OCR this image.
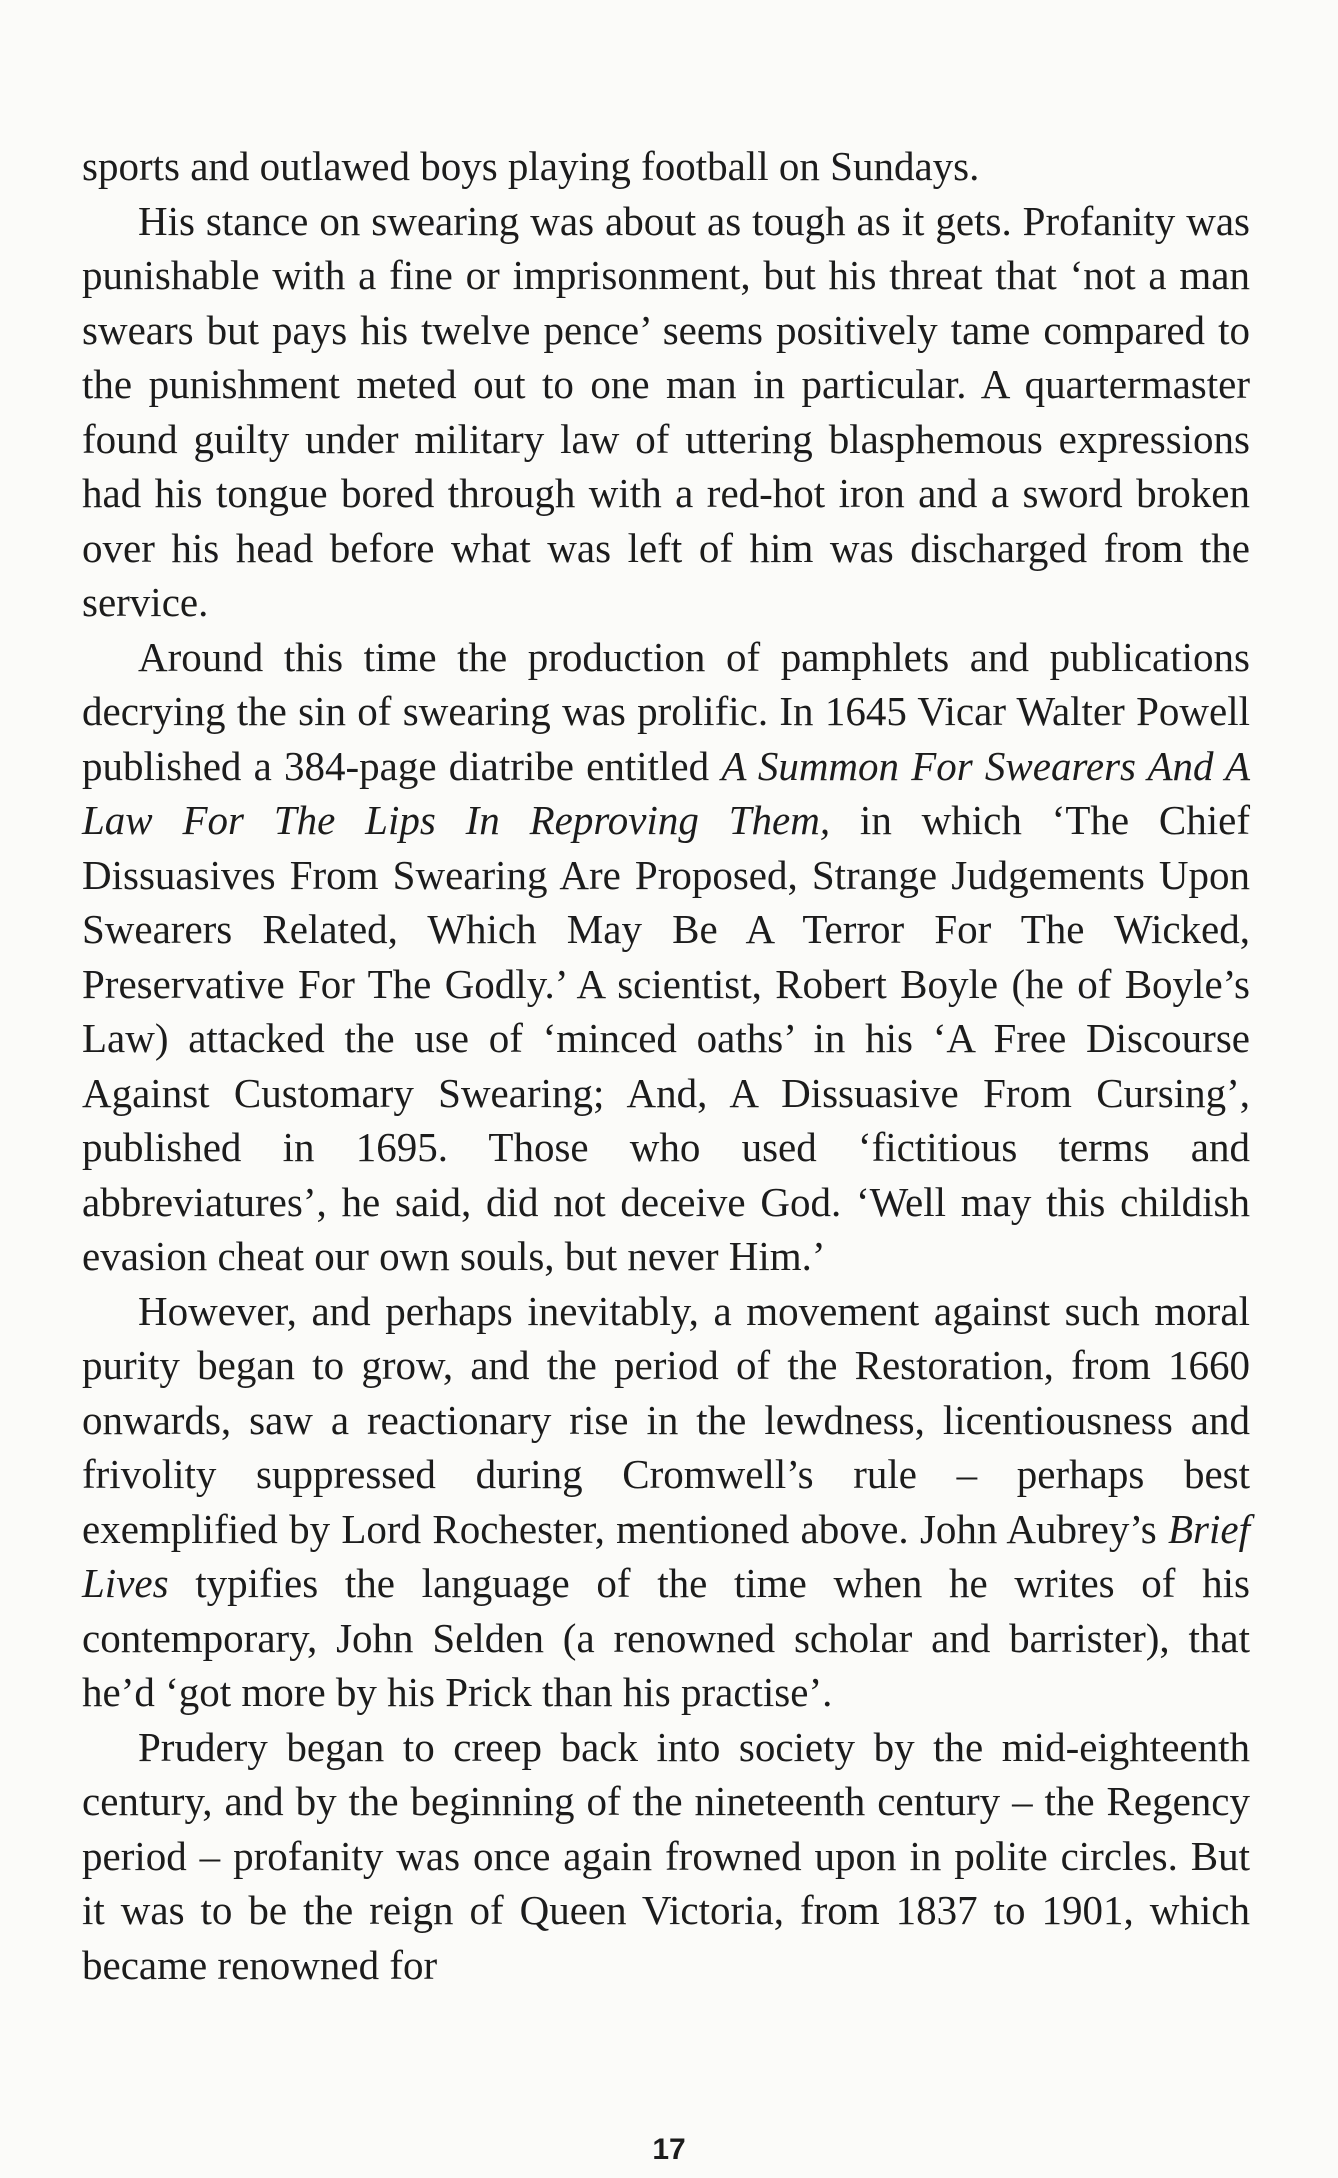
sports and outlawed boys playing football on Sundays.

His stance on swearing was about as tough as it gets. Profanity was punishable with a fine or imprisonment, but his threat that ‘not a man swears but pays his twelve pence’ seems positively tame compared to the punishment meted out to one man in particular. A quartermaster found guilty under military law of uttering blasphemous expressions had his tongue bored through with a red-hot iron and a sword broken over his head before what was left of him was discharged from the service.

Around this time the production of pamphlets and publications decrying the sin of swearing was prolific. In 1645 Vicar Walter Powell published a 384-page diatribe entitled A Summon For Swearers And A Law For The Lips In Reproving Them, in which ‘The Chief Dissuasives From Swearing Are Proposed, Strange Judgements Upon Swearers Related, Which May Be A Terror For The Wicked, Preservative For The Godly.’ A scientist, Robert Boyle (he of Boyle’s Law) attacked the use of ‘minced oaths’ in his ‘A Free Discourse Against Customary Swearing; And, A Dissuasive From Cursing’, published in 1695. Those who used ‘fictitious terms and abbreviatures’, he said, did not deceive God. ‘Well may this childish evasion cheat our own souls, but never Him.’

However, and perhaps inevitably, a movement against such moral purity began to grow, and the period of the Restoration, from 1660 onwards, saw a reactionary rise in the lewdness, licentiousness and frivolity suppressed during Cromwell’s rule – perhaps best exemplified by Lord Rochester, mentioned above. John Aubrey’s Brief Lives typifies the language of the time when he writes of his contemporary, John Selden (a renowned scholar and barrister), that he’d ‘got more by his Prick than his practise’.

Prudery began to creep back into society by the mid-eighteenth century, and by the beginning of the nineteenth century – the Regency period – profanity was once again frowned upon in polite circles. But it was to be the reign of Queen Victoria, from 1837 to 1901, which became renowned for

17
